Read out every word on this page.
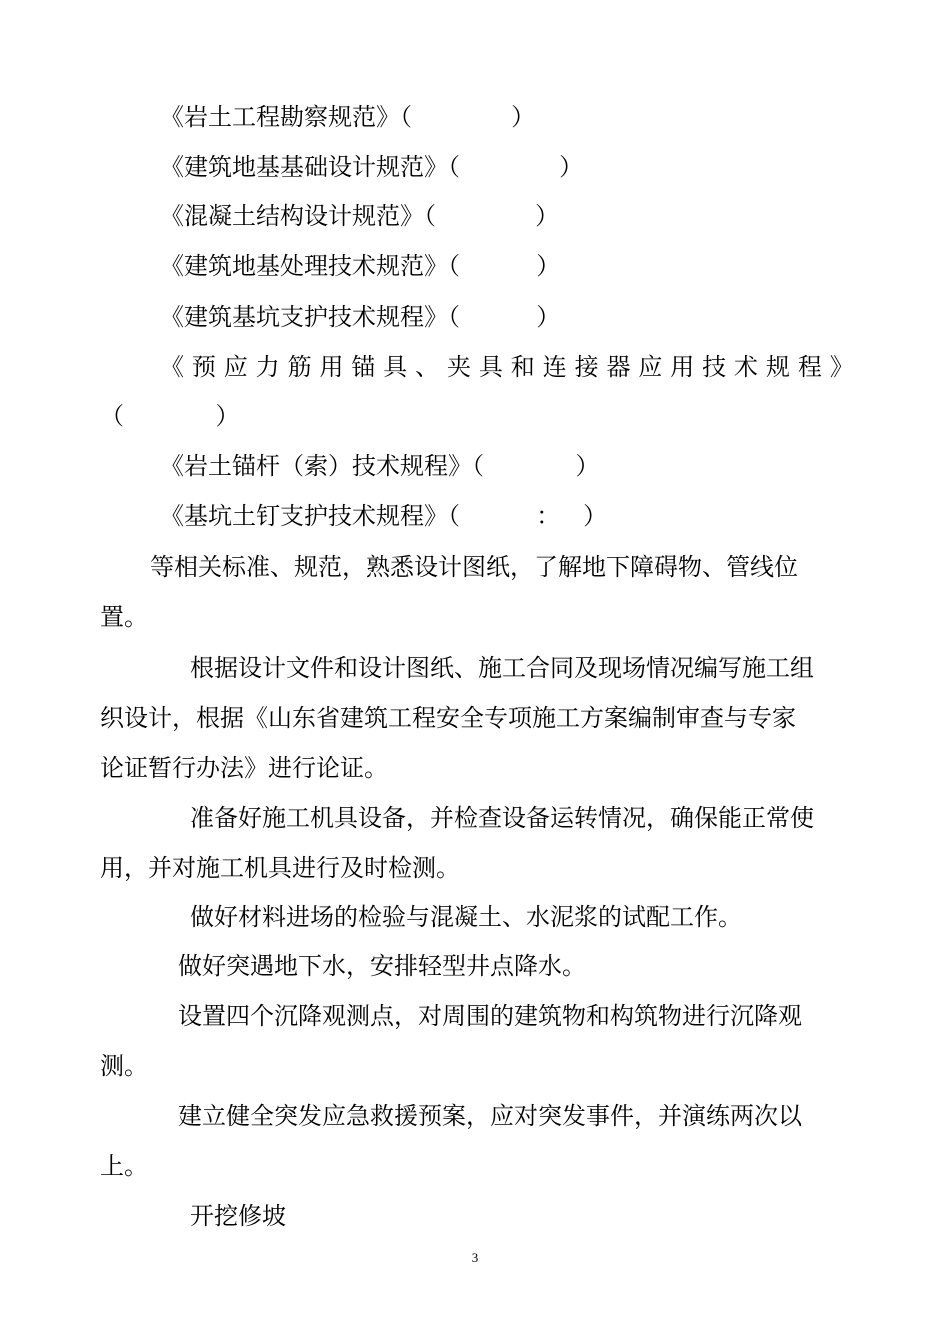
《岩土工程勘察规范》（             ）
《建筑地基基础设计规范》（             ）
《混凝土结构设计规范》（             ）
《建筑地基处理技术规范》（          ）
《建筑基坑支护技术规程》（          ）
《 预 应 力 筋 用 锚 具 、 夹 具 和 连 接 器 应 用 技 术 规 程 》
（            ）
《岩土锚杆（索）技术规程》（            ）
《基坑土钉支护技术规程》（          ：   ）
等相关标准、规范，熟悉设计图纸，了解地下障碍物、管线位
置。
根据设计文件和设计图纸、施工合同及现场情况编写施工组
织设计，根据《山东省建筑工程安全专项施工方案编制审查与专家
论证暂行办法》进行论证。
准备好施工机具设备，并检查设备运转情况，确保能正常使
用，并对施工机具进行及时检测。
做好材料进场的检验与混凝土、水泥浆的试配工作。
做好突遇地下水，安排轻型井点降水。
设置四个沉降观测点，对周围的建筑物和构筑物进行沉降观
测。
建立健全突发应急救援预案，应对突发事件，并演练两次以
上。
开挖修坡
3
